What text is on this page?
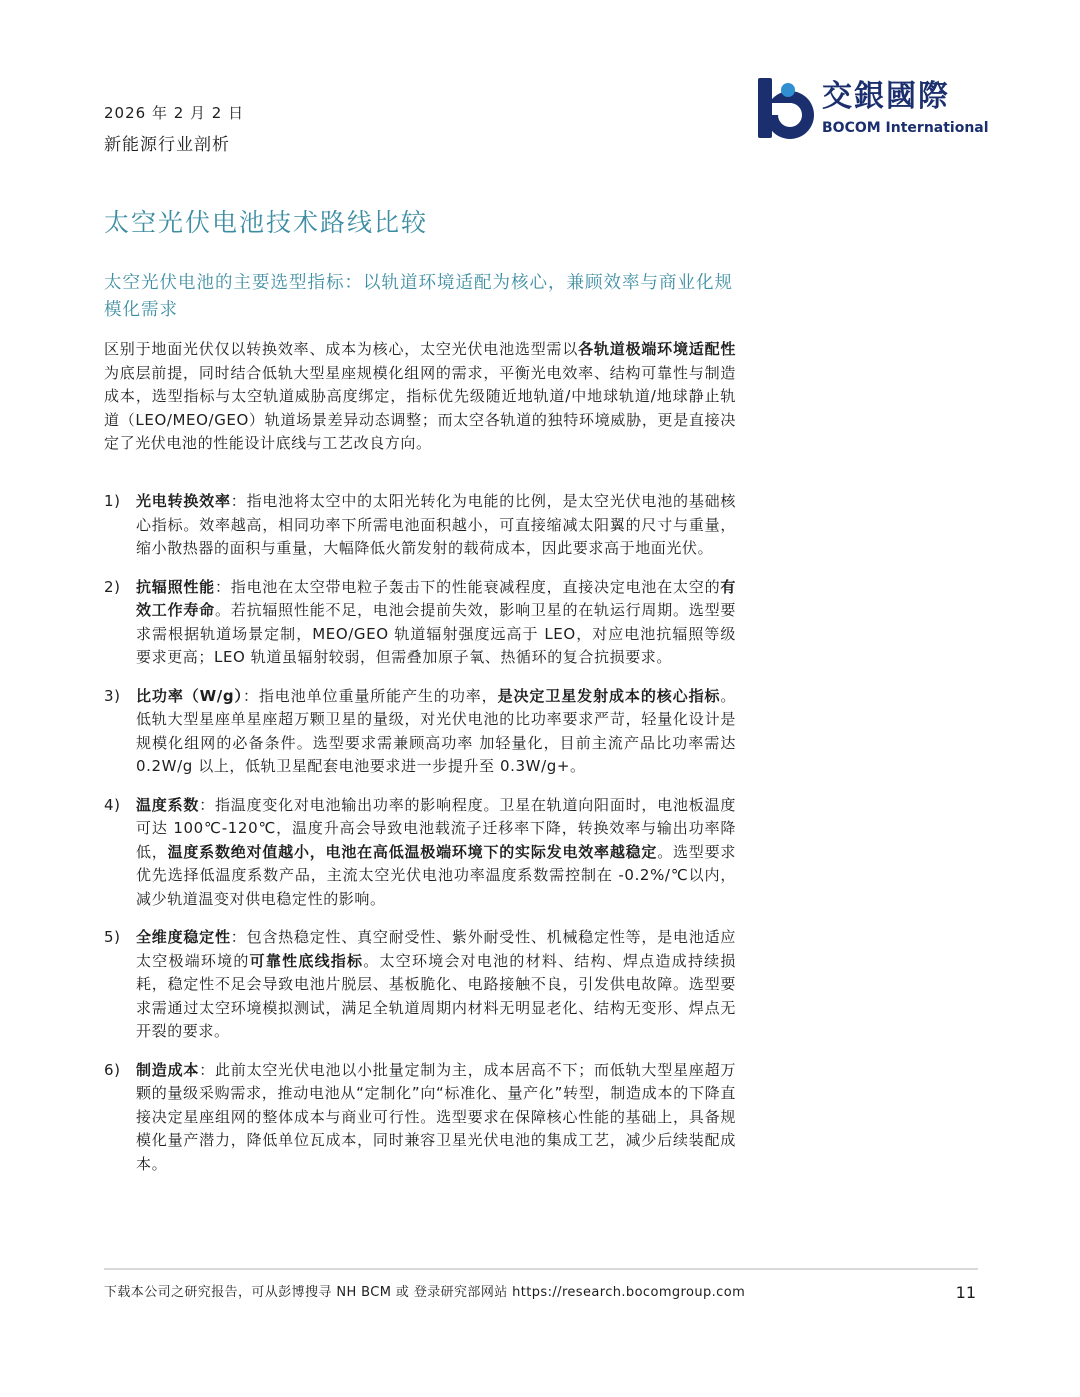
2026 年 2 月 2 日
新能源行业剖析
交銀國際
BOCOM International
太空光伏电池技术路线比较
太空光伏电池的主要选型指标：以轨道环境适配为核心，兼顾效率与商业化规模化需求
区别于地面光伏仅以转换效率、成本为核心，太空光伏电池选型需以各轨道极端环境适配性为底层前提，同时结合低轨大型星座规模化组网的需求，平衡光电效率、结构可靠性与制造成本，选型指标与太空轨道威胁高度绑定，指标优先级随近地轨道/中地球轨道/地球静止轨道（LEO/MEO/GEO）轨道场景差异动态调整；而太空各轨道的独特环境威胁，更是直接决定了光伏电池的性能设计底线与工艺改良方向。
1)	光电转换效率：指电池将太空中的太阳光转化为电能的比例，是太空光伏电池的基础核心指标。效率越高，相同功率下所需电池面积越小，可直接缩减太阳翼的尺寸与重量，缩小散热器的面积与重量，大幅降低火箭发射的载荷成本，因此要求高于地面光伏。
2)	抗辐照性能：指电池在太空带电粒子轰击下的性能衰减程度，直接决定电池在太空的有效工作寿命。若抗辐照性能不足，电池会提前失效，影响卫星的在轨运行周期。选型要求需根据轨道场景定制，MEO/GEO 轨道辐射强度远高于 LEO，对应电池抗辐照等级要求更高；LEO 轨道虽辐射较弱，但需叠加原子氧、热循环的复合抗损要求。
3)	比功率（W/g）：指电池单位重量所能产生的功率，是决定卫星发射成本的核心指标。低轨大型星座单星座超万颗卫星的量级，对光伏电池的比功率要求严苛，轻量化设计是规模化组网的必备条件。选型要求需兼顾高功率 加轻量化，目前主流产品比功率需达 0.2W/g 以上，低轨卫星配套电池要求进一步提升至 0.3W/g+。
4)	温度系数：指温度变化对电池输出功率的影响程度。卫星在轨道向阳面时，电池板温度可达 100℃-120℃，温度升高会导致电池载流子迁移率下降，转换效率与输出功率降低，温度系数绝对值越小，电池在高低温极端环境下的实际发电效率越稳定。选型要求优先选择低温度系数产品，主流太空光伏电池功率温度系数需控制在 -0.2%/℃以内，减少轨道温变对供电稳定性的影响。
5)	全维度稳定性：包含热稳定性、真空耐受性、紫外耐受性、机械稳定性等，是电池适应太空极端环境的可靠性底线指标。太空环境会对电池的材料、结构、焊点造成持续损耗，稳定性不足会导致电池片脱层、基板脆化、电路接触不良，引发供电故障。选型要求需通过太空环境模拟测试，满足全轨道周期内材料无明显老化、结构无变形、焊点无开裂的要求。
6)	制造成本：此前太空光伏电池以小批量定制为主，成本居高不下；而低轨大型星座超万颗的量级采购需求，推动电池从“定制化”向“标准化、量产化”转型，制造成本的下降直接决定星座组网的整体成本与商业可行性。选型要求在保障核心性能的基础上，具备规模化量产潜力，降低单位瓦成本，同时兼容卫星光伏电池的集成工艺，减少后续装配成本。
下载本公司之研究报告，可从彭博搜寻 NH BCM 或 登录研究部网站 https://research.bocomgroup.com	11
